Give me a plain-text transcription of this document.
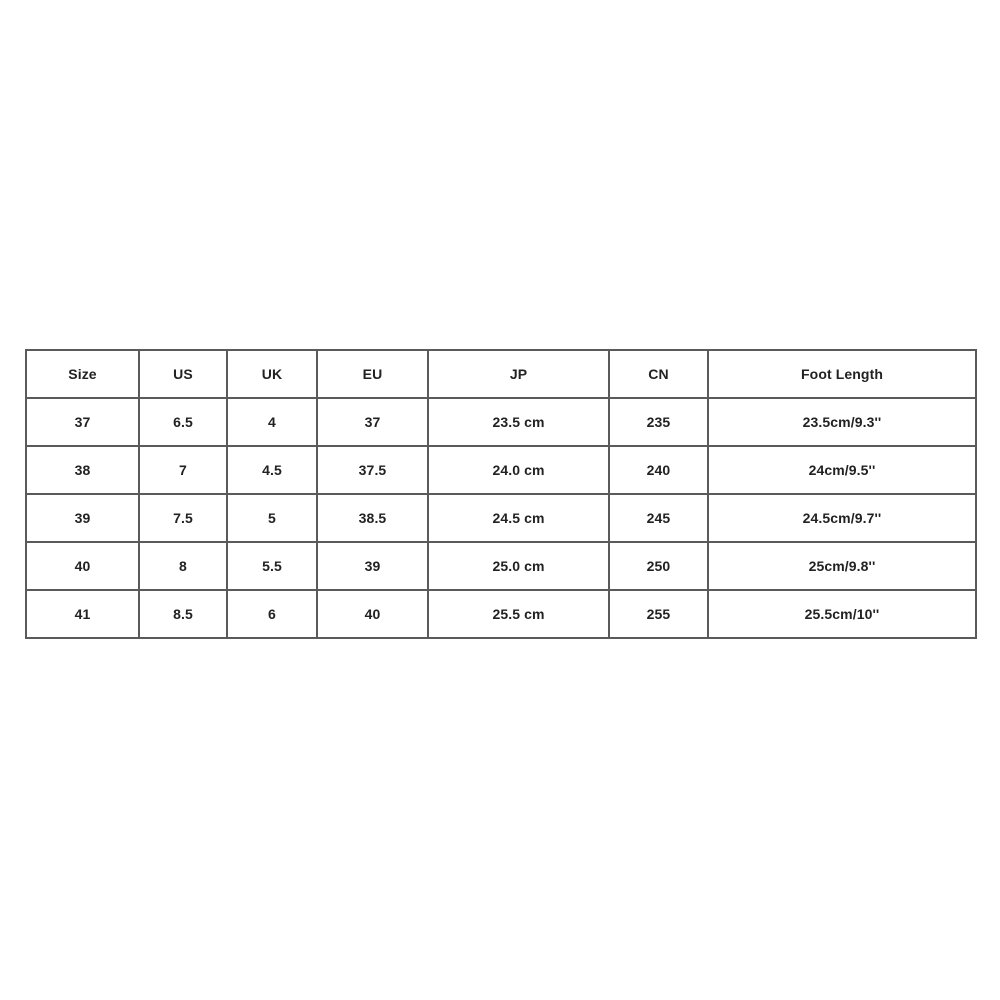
Size	US	UK	EU	JP	CN	Foot Length
37	6.5	4	37	23.5 cm	235	23.5cm/9.3''
38	7	4.5	37.5	24.0 cm	240	24cm/9.5''
39	7.5	5	38.5	24.5 cm	245	24.5cm/9.7''
40	8	5.5	39	25.0 cm	250	25cm/9.8''
41	8.5	6	40	25.5 cm	255	25.5cm/10''
